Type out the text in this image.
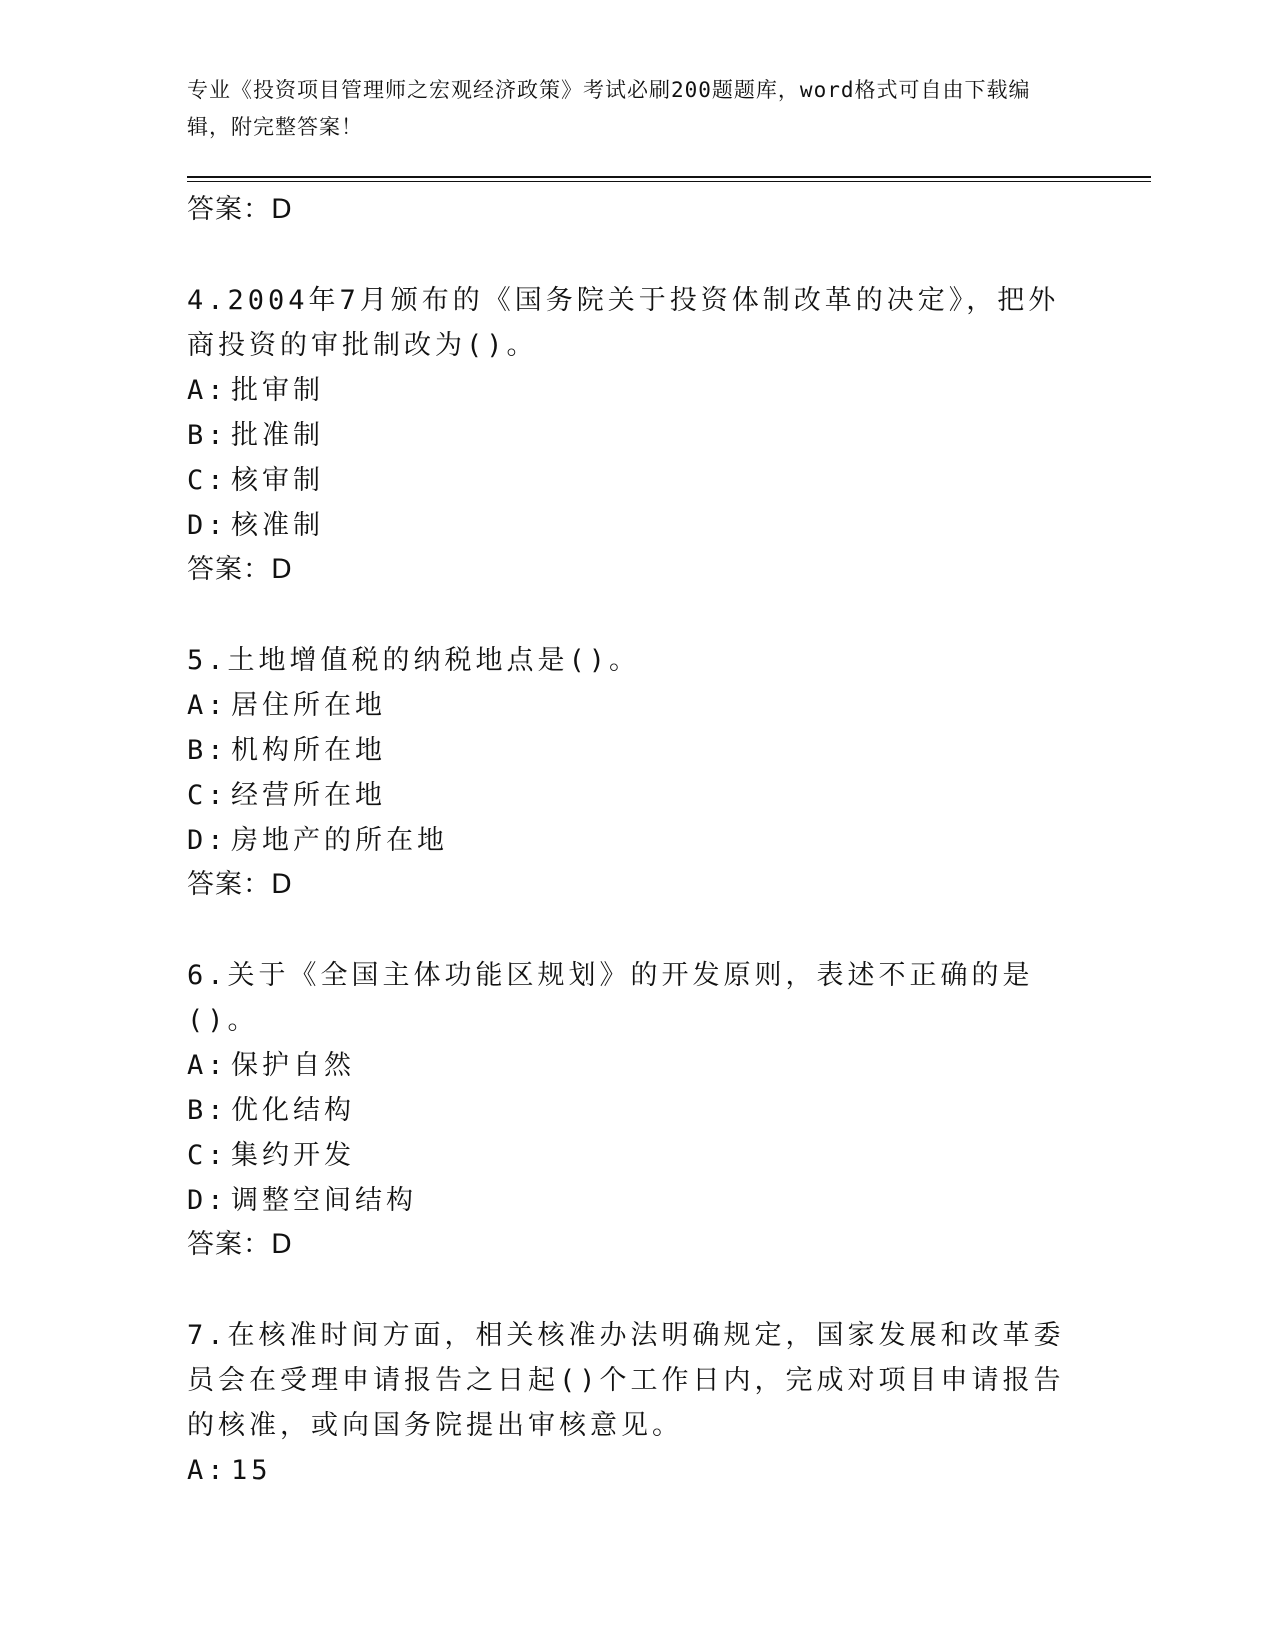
专业《投资项目管理师之宏观经济政策》考试必刷200题题库，word格式可自由下载编辑，附完整答案！
答案：D

4.2004年7月颁布的《国务院关于投资体制改革的决定》，把外商投资的审批制改为()。

A: 批审制
B: 批准制
C: 核审制
D: 核准制
答案：D

5.土地增值税的纳税地点是()。

A: 居住所在地
B: 机构所在地
C: 经营所在地
D: 房地产的所在地
答案：D

6.关于《全国主体功能区规划》的开发原则，表述不正确的是()。

A: 保护自然
B: 优化结构
C: 集约开发
D: 调整空间结构
答案：D

7.在核准时间方面，相关核准办法明确规定，国家发展和改革委员会在受理申请报告之日起()个工作日内，完成对项目申请报告的核准，或向国务院提出审核意见。

A: 15
